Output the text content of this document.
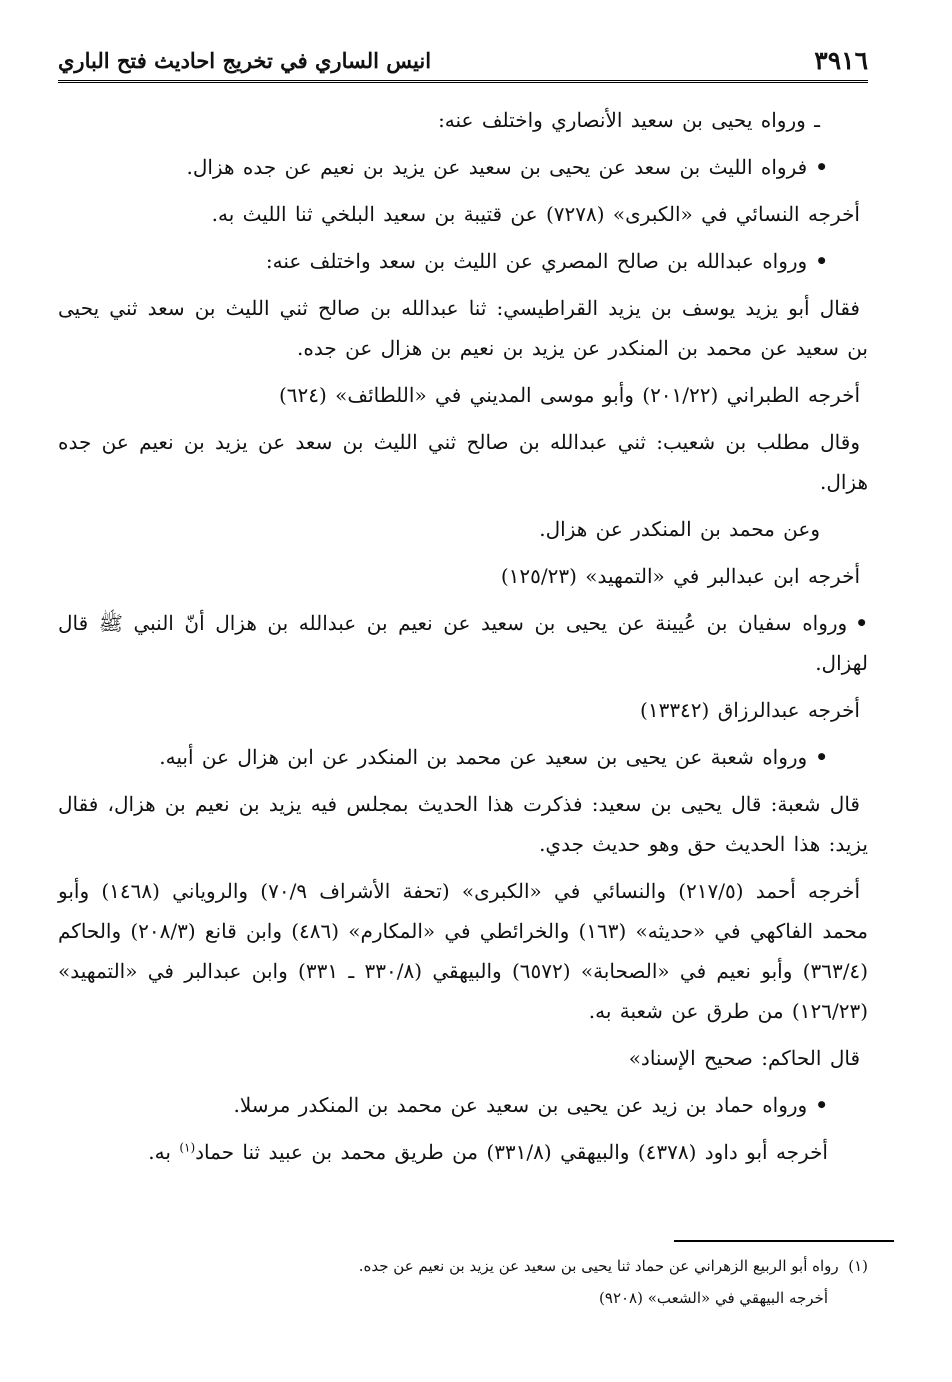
٣٩١٦
انيس الساري في تخريج احاديث فتح الباري

ـ ورواه يحيى بن سعيد الأنصاري واختلف عنه:

•فرواه الليث بن سعد عن يحيى بن سعيد عن يزيد بن نعيم عن جده هزال.

أخرجه النسائي في «الكبرى» (٧٢٧٨) عن قتيبة بن سعيد البلخي ثنا الليث به.

•ورواه عبدالله بن صالح المصري عن الليث بن سعد واختلف عنه:

فقال أبو يزيد يوسف بن يزيد القراطيسي: ثنا عبدالله بن صالح ثني الليث بن سعد ثني يحيى بن سعيد عن محمد بن المنكدر عن يزيد بن نعيم بن هزال عن جده.

أخرجه الطبراني (٢٠١/٢٢) وأبو موسى المديني في «اللطائف» (٦٢٤)

وقال مطلب بن شعيب: ثني عبدالله بن صالح ثني الليث بن سعد عن يزيد بن نعيم عن جده هزال.

وعن محمد بن المنكدر عن هزال.

أخرجه ابن عبدالبر في «التمهيد» (١٢٥/٢٣)

•ورواه سفيان بن عُيينة عن يحيى بن سعيد عن نعيم بن عبدالله بن هزال أنّ النبي ﷺ قال لهزال.

أخرجه عبدالرزاق (١٣٣٤٢)

•ورواه شعبة عن يحيى بن سعيد عن محمد بن المنكدر عن ابن هزال عن أبيه.

قال شعبة: قال يحيى بن سعيد: فذكرت هذا الحديث بمجلس فيه يزيد بن نعيم بن هزال، فقال يزيد: هذا الحديث حق وهو حديث جدي.

أخرجه أحمد (٢١٧/٥) والنسائي في «الكبرى» (تحفة الأشراف ٧٠/٩) والروياني (١٤٦٨) وأبو محمد الفاكهي في «حديثه» (١٦٣) والخرائطي في «المكارم» (٤٨٦) وابن قانع (٢٠٨/٣) والحاكم (٣٦٣/٤) وأبو نعيم في «الصحابة» (٦٥٧٢) والبيهقي (٣٣٠/٨ ـ ٣٣١) وابن عبدالبر في «التمهيد» (١٢٦/٢٣) من طرق عن شعبة به.

قال الحاكم: صحيح الإسناد»

•ورواه حماد بن زيد عن يحيى بن سعيد عن محمد بن المنكدر مرسلا.

أخرجه أبو داود (٤٣٧٨) والبيهقي (٣٣١/٨) من طريق محمد بن عبيد ثنا حماد$^{(١)}$ به.

(١)  رواه أبو الربيع الزهراني عن حماد ثنا يحيى بن سعيد عن يزيد بن نعيم عن جده.

أخرجه البيهقي في «الشعب» (٩٢٠٨)
